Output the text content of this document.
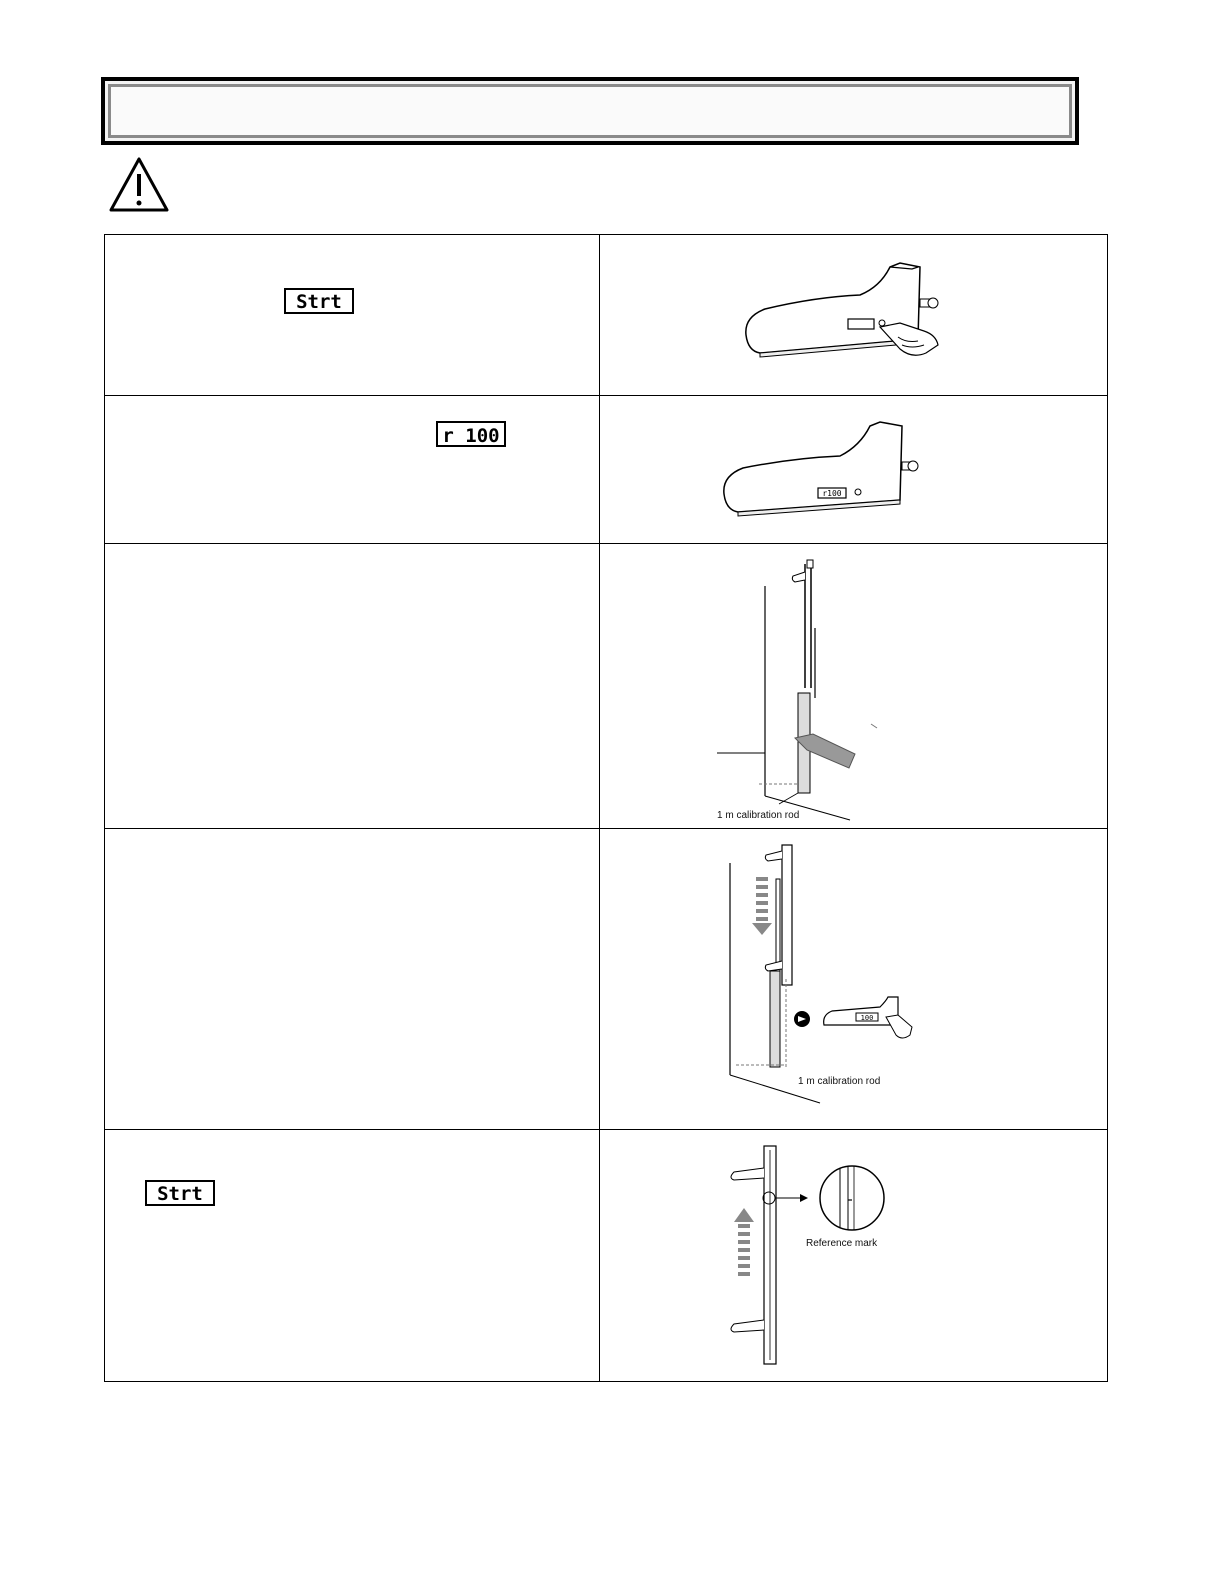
Strt

r 100	r100

1 m calibration rod

100
1 m calibration rod

Strt	Reference mark
